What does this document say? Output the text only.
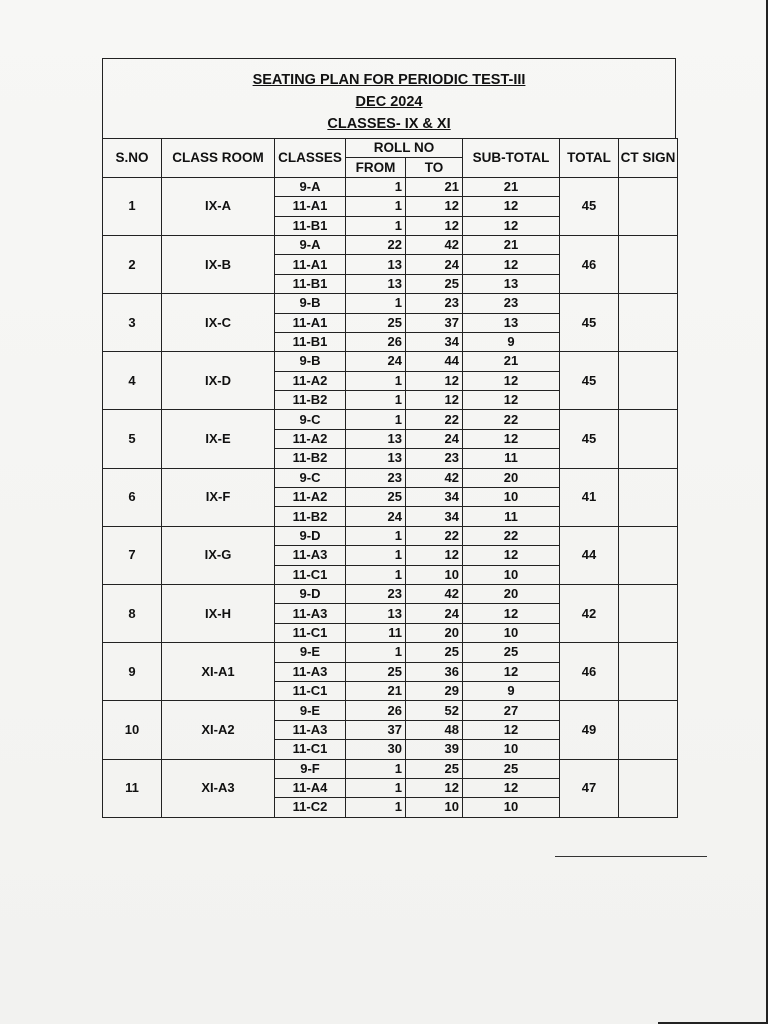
SEATING PLAN FOR PERIODIC TEST-III

DEC 2024

CLASSES- IX & XI

S.NO	CLASS ROOM	CLASSES	ROLL NO		SUB-TOTAL	TOTAL	CT SIGN
			FROM	TO			
1	IX-A	9-A	1	21	21	45	
		11-A1	1	12	12		
		11-B1	1	12	12		
2	IX-B	9-A	22	42	21	46	
		11-A1	13	24	12		
		11-B1	13	25	13		
3	IX-C	9-B	1	23	23	45	
		11-A1	25	37	13		
		11-B1	26	34	9		
4	IX-D	9-B	24	44	21	45	
		11-A2	1	12	12		
		11-B2	1	12	12		
5	IX-E	9-C	1	22	22	45	
		11-A2	13	24	12		
		11-B2	13	23	11		
6	IX-F	9-C	23	42	20	41	
		11-A2	25	34	10		
		11-B2	24	34	11		
7	IX-G	9-D	1	22	22	44	
		11-A3	1	12	12		
		11-C1	1	10	10		
8	IX-H	9-D	23	42	20	42	
		11-A3	13	24	12		
		11-C1	11	20	10		
9	XI-A1	9-E	1	25	25	46	
		11-A3	25	36	12		
		11-C1	21	29	9		
10	XI-A2	9-E	26	52	27	49	
		11-A3	37	48	12		
		11-C1	30	39	10		
11	XI-A3	9-F	1	25	25	47	
		11-A4	1	12	12		
		11-C2	1	10	10		
